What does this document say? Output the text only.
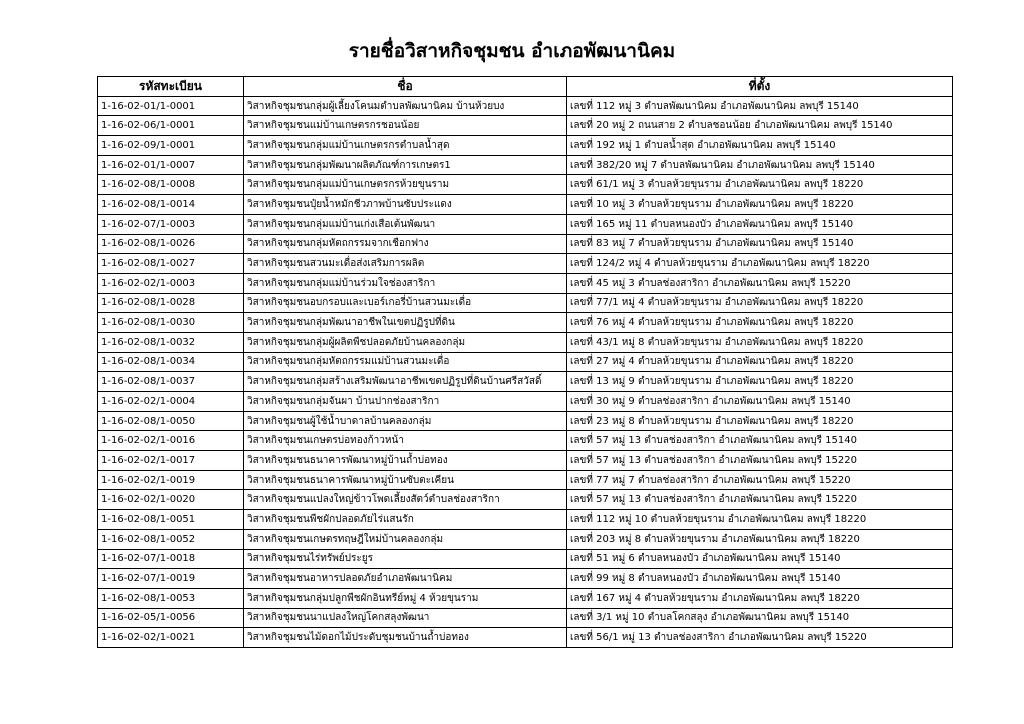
รายชื่อวิสาหกิจชุมชน อำเภอพัฒนานิคม
รหัสทะเบียน	ชื่อ	ที่ตั้ง
1-16-02-01/1-0001	วิสาหกิจชุมชนกลุ่มผู้เลี้ยงโคนมตำบลพัฒนานิคม บ้านห้วยบง	เลขที่ 112 หมู่ 3 ตำบลพัฒนานิคม อำเภอพัฒนานิคม ลพบุรี 15140
1-16-02-06/1-0001	วิสาหกิจชุมชนแม่บ้านเกษตรกรชอนน้อย	เลขที่ 20 หมู่ 2 ถนนสาย 2 ตำบลชอนน้อย อำเภอพัฒนานิคม ลพบุรี 15140
1-16-02-09/1-0001	วิสาหกิจชุมชนกลุ่มแม่บ้านเกษตรกรตำบลน้ำสุด	เลขที่ 192 หมู่ 1 ตำบลน้ำสุด อำเภอพัฒนานิคม ลพบุรี 15140
1-16-02-01/1-0007	วิสาหกิจชุมชนกลุ่มพัฒนาผลิตภัณฑ์การเกษตร1	เลขที่ 382/20 หมู่ 7 ตำบลพัฒนานิคม อำเภอพัฒนานิคม ลพบุรี 15140
1-16-02-08/1-0008	วิสาหกิจชุมชนกลุ่มแม่บ้านเกษตรกรห้วยขุนราม	เลขที่ 61/1 หมู่ 3 ตำบลห้วยขุนราม อำเภอพัฒนานิคม ลพบุรี 18220
1-16-02-08/1-0014	วิสาหกิจชุมชนปุ๋ยน้ำหมักชีวภาพบ้านซับประแดง	เลขที่ 10 หมู่ 3 ตำบลห้วยขุนราม อำเภอพัฒนานิคม ลพบุรี 18220
1-16-02-07/1-0003	วิสาหกิจชุมชนกลุ่มแม่บ้านเก่งเสือเต้นพัฒนา	เลขที่ 165 หมู่ 11 ตำบลหนองบัว อำเภอพัฒนานิคม ลพบุรี 15140
1-16-02-08/1-0026	วิสาหกิจชุมชนกลุ่มหัตถกรรมจากเชือกฟาง	เลขที่ 83 หมู่ 7 ตำบลห้วยขุนราม อำเภอพัฒนานิคม ลพบุรี 15140
1-16-02-08/1-0027	วิสาหกิจชุมชนสวนมะเดื่อส่งเสริมการผลิต	เลขที่ 124/2 หมู่ 4 ตำบลห้วยขุนราม อำเภอพัฒนานิคม ลพบุรี 18220
1-16-02-02/1-0003	วิสาหกิจชุมชนกลุ่มแม่บ้านร่วมใจช่องสาริกา	เลขที่ 45 หมู่ 3 ตำบลช่องสาริกา อำเภอพัฒนานิคม ลพบุรี 15220
1-16-02-08/1-0028	วิสาหกิจชุมชนอบกรอบและเบอร์เกอรี่บ้านสวนมะเดื่อ	เลขที่ 77/1 หมู่ 4 ตำบลห้วยขุนราม อำเภอพัฒนานิคม ลพบุรี 18220
1-16-02-08/1-0030	วิสาหกิจชุมชนกลุ่มพัฒนาอาชีพในเขตปฏิรูปที่ดิน	เลขที่ 76 หมู่ 4 ตำบลห้วยขุนราม อำเภอพัฒนานิคม ลพบุรี 18220
1-16-02-08/1-0032	วิสาหกิจชุมชนกลุ่มผู้ผลิตพืชปลอดภัยบ้านคลองกลุ่ม	เลขที่ 43/1 หมู่ 8 ตำบลห้วยขุนราม อำเภอพัฒนานิคม ลพบุรี 18220
1-16-02-08/1-0034	วิสาหกิจชุมชนกลุ่มหัตถกรรมแม่บ้านสวนมะเดื่อ	เลขที่ 27 หมู่ 4 ตำบลห้วยขุนราม อำเภอพัฒนานิคม ลพบุรี 18220
1-16-02-08/1-0037	วิสาหกิจชุมชนกลุ่มสร้างเสริมพัฒนาอาชีพเขตปฏิรูปที่ดินบ้านศรีสวัสดิ์	เลขที่ 13 หมู่ 9 ตำบลห้วยขุนราม อำเภอพัฒนานิคม ลพบุรี 18220
1-16-02-02/1-0004	วิสาหกิจชุมชนกลุ่มจันผา บ้านปากช่องสาริกา	เลขที่ 30 หมู่ 9 ตำบลช่องสาริกา อำเภอพัฒนานิคม ลพบุรี 15140
1-16-02-08/1-0050	วิสาหกิจชุมชนผู้ใช้น้ำบาดาลบ้านคลองกลุ่ม	เลขที่ 23 หมู่ 8 ตำบลห้วยขุนราม อำเภอพัฒนานิคม ลพบุรี 18220
1-16-02-02/1-0016	วิสาหกิจชุมชนเกษตรบ่อทองก้าวหน้า	เลขที่ 57 หมู่ 13 ตำบลช่องสาริกา อำเภอพัฒนานิคม ลพบุรี 15140
1-16-02-02/1-0017	วิสาหกิจชุมชนธนาคารพัฒนาหมู่บ้านถ้ำบ่อทอง	เลขที่ 57 หมู่ 13 ตำบลช่องสาริกา อำเภอพัฒนานิคม ลพบุรี 15220
1-16-02-02/1-0019	วิสาหกิจชุมชนธนาคารพัฒนาหมู่บ้านซับตะเคียน	เลขที่ 77 หมู่ 7 ตำบลช่องสาริกา อำเภอพัฒนานิคม ลพบุรี 15220
1-16-02-02/1-0020	วิสาหกิจชุมชนแปลงใหญ่ข้าวโพดเลี้ยงสัตว์ตำบลช่องสาริกา	เลขที่ 57 หมู่ 13 ตำบลช่องสาริกา อำเภอพัฒนานิคม ลพบุรี 15220
1-16-02-08/1-0051	วิสาหกิจชุมชนพืชผักปลอดภัยไร่แสนรัก	เลขที่ 112 หมู่ 10 ตำบลห้วยขุนราม อำเภอพัฒนานิคม ลพบุรี 18220
1-16-02-08/1-0052	วิสาหกิจชุมชนเกษตรทฤษฎีใหม่บ้านคลองกลุ่ม	เลขที่ 203 หมู่ 8 ตำบลห้วยขุนราม อำเภอพัฒนานิคม ลพบุรี 18220
1-16-02-07/1-0018	วิสาหกิจชุมชนไร่ทรัพย์ประยูร	เลขที่ 51 หมู่ 6 ตำบลหนองบัว อำเภอพัฒนานิคม ลพบุรี 15140
1-16-02-07/1-0019	วิสาหกิจชุมชนอาหารปลอดภัยอำเภอพัฒนานิคม	เลขที่ 99 หมู่ 8 ตำบลหนองบัว อำเภอพัฒนานิคม ลพบุรี 15140
1-16-02-08/1-0053	วิสาหกิจชุมชนกลุ่มปลูกพืชผักอินทรีย์หมู่ 4 ห้วยขุนราม	เลขที่ 167 หมู่ 4 ตำบลห้วยขุนราม อำเภอพัฒนานิคม ลพบุรี 18220
1-16-02-05/1-0056	วิสาหกิจชุมชนนาแปลงใหญ่โคกสลุงพัฒนา	เลขที่ 3/1 หมู่ 10 ตำบลโคกสลุง อำเภอพัฒนานิคม ลพบุรี 15140
1-16-02-02/1-0021	วิสาหกิจชุมชนไม้ดอกไม้ประดับชุมชนบ้านถ้ำบ่อทอง	เลขที่ 56/1 หมู่ 13 ตำบลช่องสาริกา อำเภอพัฒนานิคม ลพบุรี 15220
